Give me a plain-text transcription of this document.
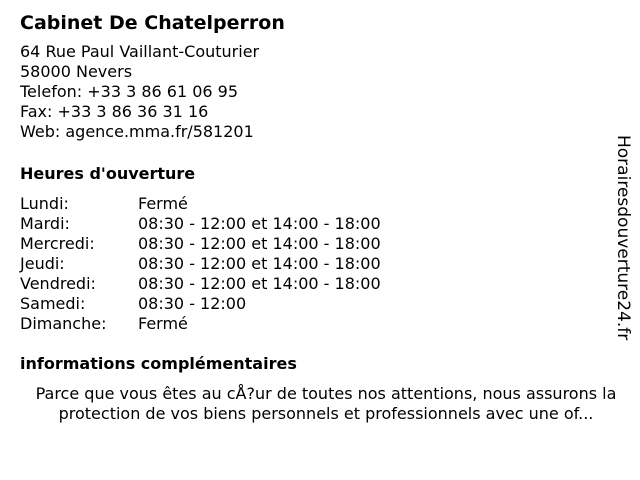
Cabinet De Chatelperron
64 Rue Paul Vaillant-Couturier
58000 Nevers
Telefon: +33 3 86 61 06 95
Fax: +33 3 86 36 31 16
Web: agence.mma.fr/581201
Heures d'ouverture
Lundi:	Fermé
Mardi:	08:30 - 12:00 et 14:00 - 18:00
Mercredi:	08:30 - 12:00 et 14:00 - 18:00
Jeudi:	08:30 - 12:00 et 14:00 - 18:00
Vendredi:	08:30 - 12:00 et 14:00 - 18:00
Samedi:	08:30 - 12:00
Dimanche:	Fermé
informations complémentaires
Parce que vous êtes au cÅ?ur de toutes nos attentions, nous assurons la protection de vos biens personnels et professionnels avec une of...
Horairesdouverture24.fr
